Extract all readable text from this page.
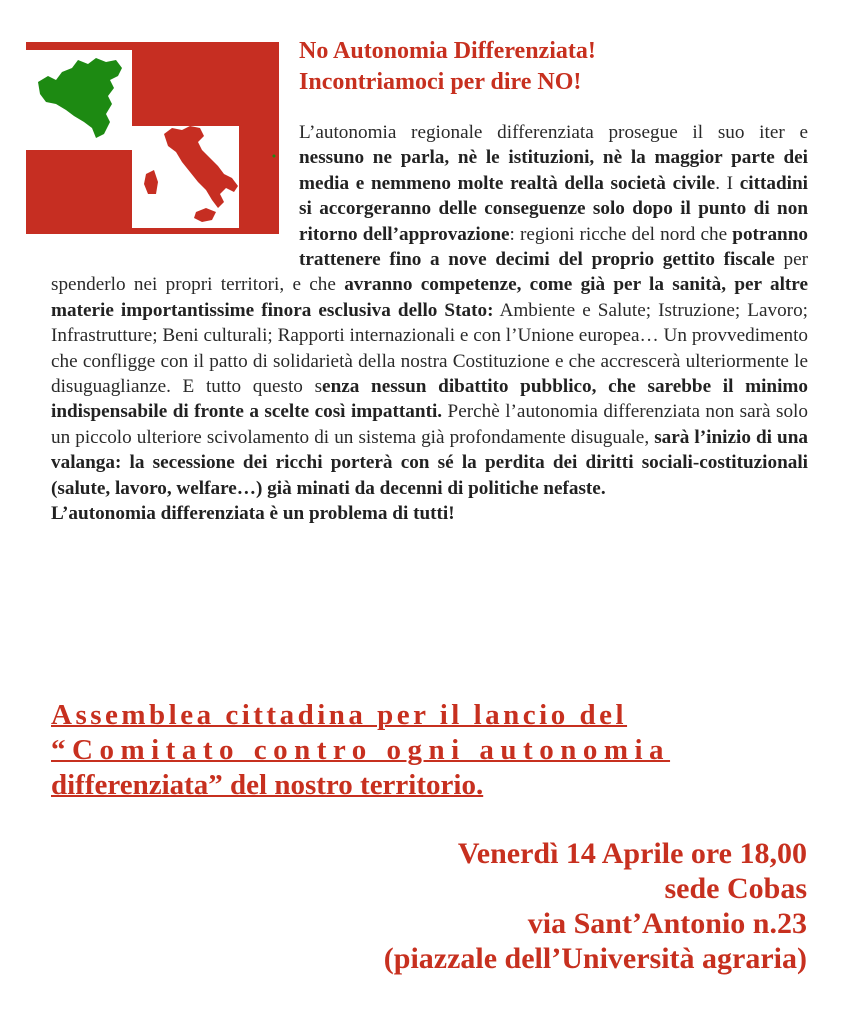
No Autonomia Differenziata!
Incontriamoci per dire NO!

L’autonomia regionale differenziata prosegue il suo iter e nessuno ne parla, nè le istituzioni, nè la maggior parte dei media e nemmeno molte realtà della società civile. I cittadini si accorgeranno delle conseguenze solo dopo il punto di non ritorno dell’approvazione: regioni ricche del nord che potranno trattenere fino a nove decimi del proprio gettito fiscale per spenderlo nei propri territori, e che avranno competenze, come già per la sanità, per altre materie importantissime finora esclusiva dello Stato: Ambiente e Salute; Istruzione; Lavoro; Infrastrutture; Beni culturali; Rapporti internazionali e con l’Unione europea… Un provvedimento che confligge con il patto di solidarietà della nostra Costituzione e che accrescerà ulteriormente le disuguaglianze. E tutto questo senza nessun dibattito pubblico, che sarebbe il minimo indispensabile di fronte a scelte così impattanti. Perchè l’autonomia differenziata non sarà solo un piccolo ulteriore scivolamento di un sistema già profondamente disuguale, sarà l’inizio di una valanga: la secessione dei ricchi porterà con sé la perdita dei diritti sociali-costituzionali (salute, lavoro, welfare…) già minati da decenni di politiche nefaste.
L’autonomia differenziata è un problema di tutti!

Assemblea cittadina per il lancio del
“Comitato contro ogni autonomia
differenziata” del nostro territorio.
Venerdì 14 Aprile ore 18,00
sede Cobas
via Sant’Antonio n.23
(piazzale dell’Università agraria)
